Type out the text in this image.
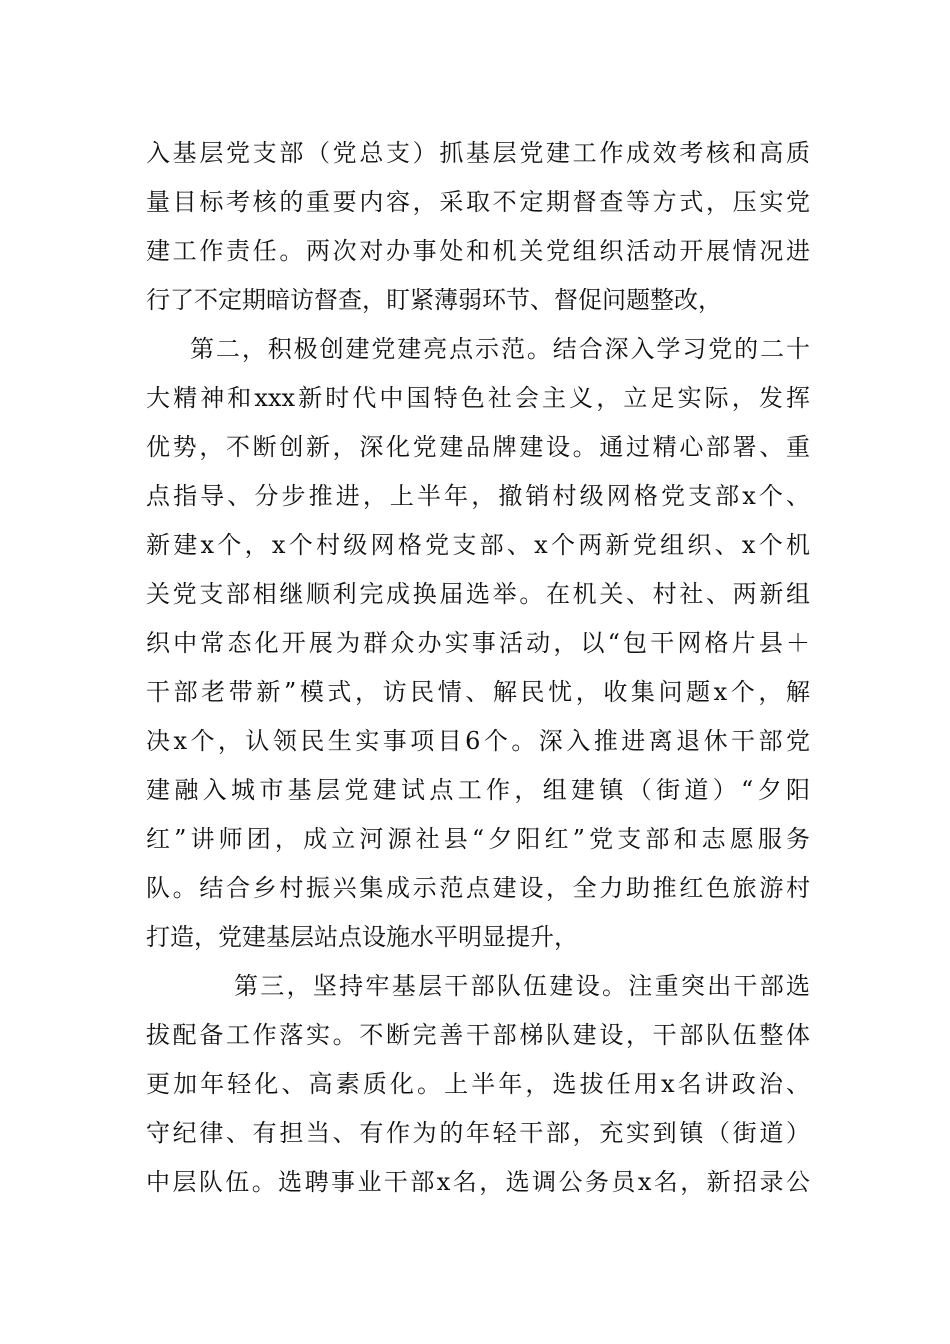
入基层党支部（党总支）抓基层党建工作成效考核和高质
量目标考核的重要内容，采取不定期督查等方式，压实党
建工作责任。两次对办事处和机关党组织活动开展情况进
行了不定期暗访督查，盯紧薄弱环节、督促问题整改，
第二，积极创建党建亮点示范。结合深入学习党的二十
大精神和xxx新时代中国特色社会主义，立足实际，发挥
优势，不断创新，深化党建品牌建设。通过精心部署、重
点指导、分步推进，上半年，撤销村级网格党支部x个、
新建x个，x个村级网格党支部、x个两新党组织、x个机
关党支部相继顺利完成换届选举。在机关、村社、两新组
织中常态化开展为群众办实事活动，以“包干网格片县＋
干部老带新”模式，访民情、解民忧，收集问题x个，解
决x个，认领民生实事项目6个。深入推进离退休干部党
建融入城市基层党建试点工作，组建镇（街道）“夕阳
红”讲师团，成立河源社县“夕阳红”党支部和志愿服务
队。结合乡村振兴集成示范点建设，全力助推红色旅游村
打造，党建基层站点设施水平明显提升，
第三，坚持牢基层干部队伍建设。注重突出干部选
拔配备工作落实。不断完善干部梯队建设，干部队伍整体
更加年轻化、高素质化。上半年，选拔任用x名讲政治、
守纪律、有担当、有作为的年轻干部，充实到镇（街道）
中层队伍。选聘事业干部x名，选调公务员x名，新招录公
